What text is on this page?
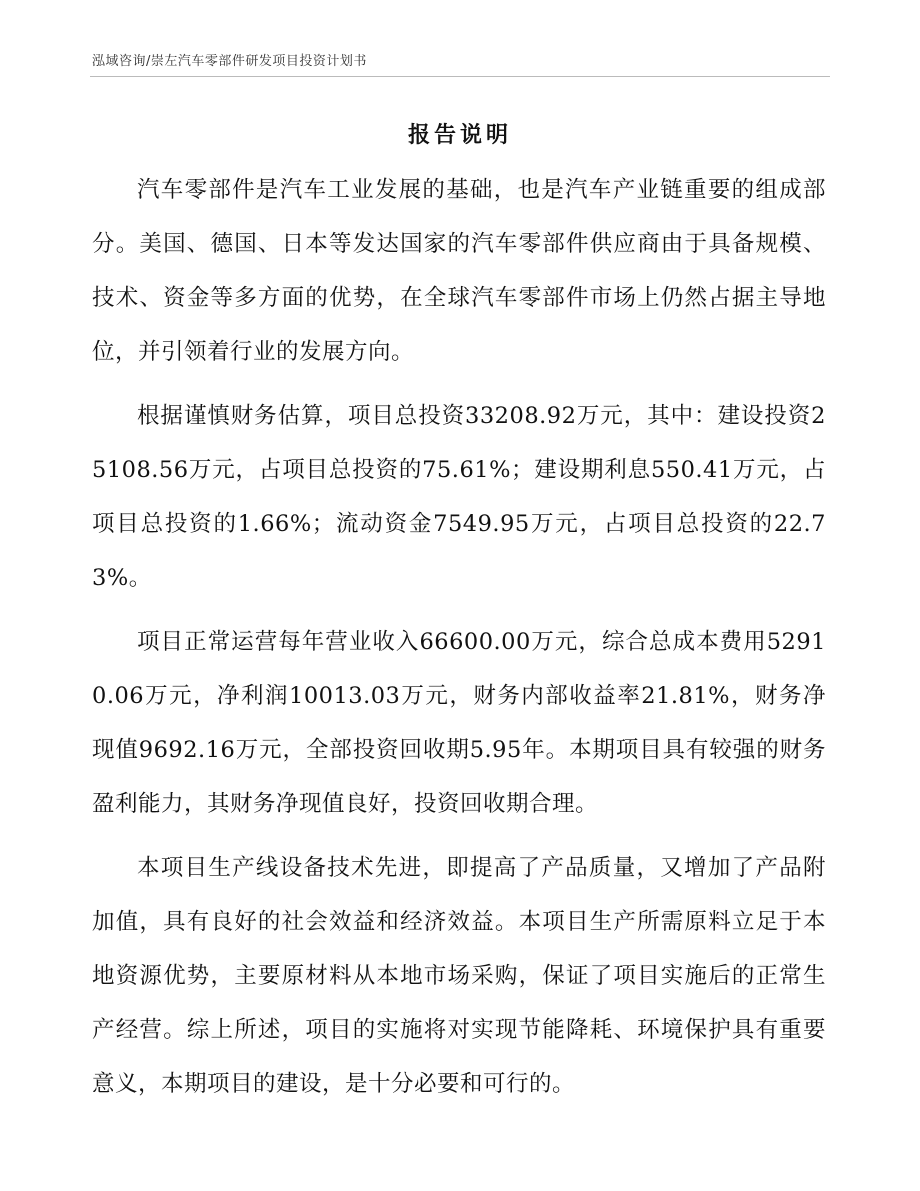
泓域咨询/崇左汽车零部件研发项目投资计划书
报告说明

汽车零部件是汽车工业发展的基础，也是汽车产业链重要的组成部分。美国、德国、日本等发达国家的汽车零部件供应商由于具备规模、技术、资金等多方面的优势，在全球汽车零部件市场上仍然占据主导地位，并引领着行业的发展方向。

根据谨慎财务估算，项目总投资33208.92万元，其中：建设投资25108.56万元，占项目总投资的75.61%；建设期利息550.41万元，占项目总投资的1.66%；流动资金7549.95万元，占项目总投资的22.73%。

项目正常运营每年营业收入66600.00万元，综合总成本费用52910.06万元，净利润10013.03万元，财务内部收益率21.81%，财务净现值9692.16万元，全部投资回收期5.95年。本期项目具有较强的财务盈利能力，其财务净现值良好，投资回收期合理。

本项目生产线设备技术先进，即提高了产品质量，又增加了产品附加值，具有良好的社会效益和经济效益。本项目生产所需原料立足于本地资源优势，主要原材料从本地市场采购，保证了项目实施后的正常生产经营。综上所述，项目的实施将对实现节能降耗、环境保护具有重要意义，本期项目的建设，是十分必要和可行的。
